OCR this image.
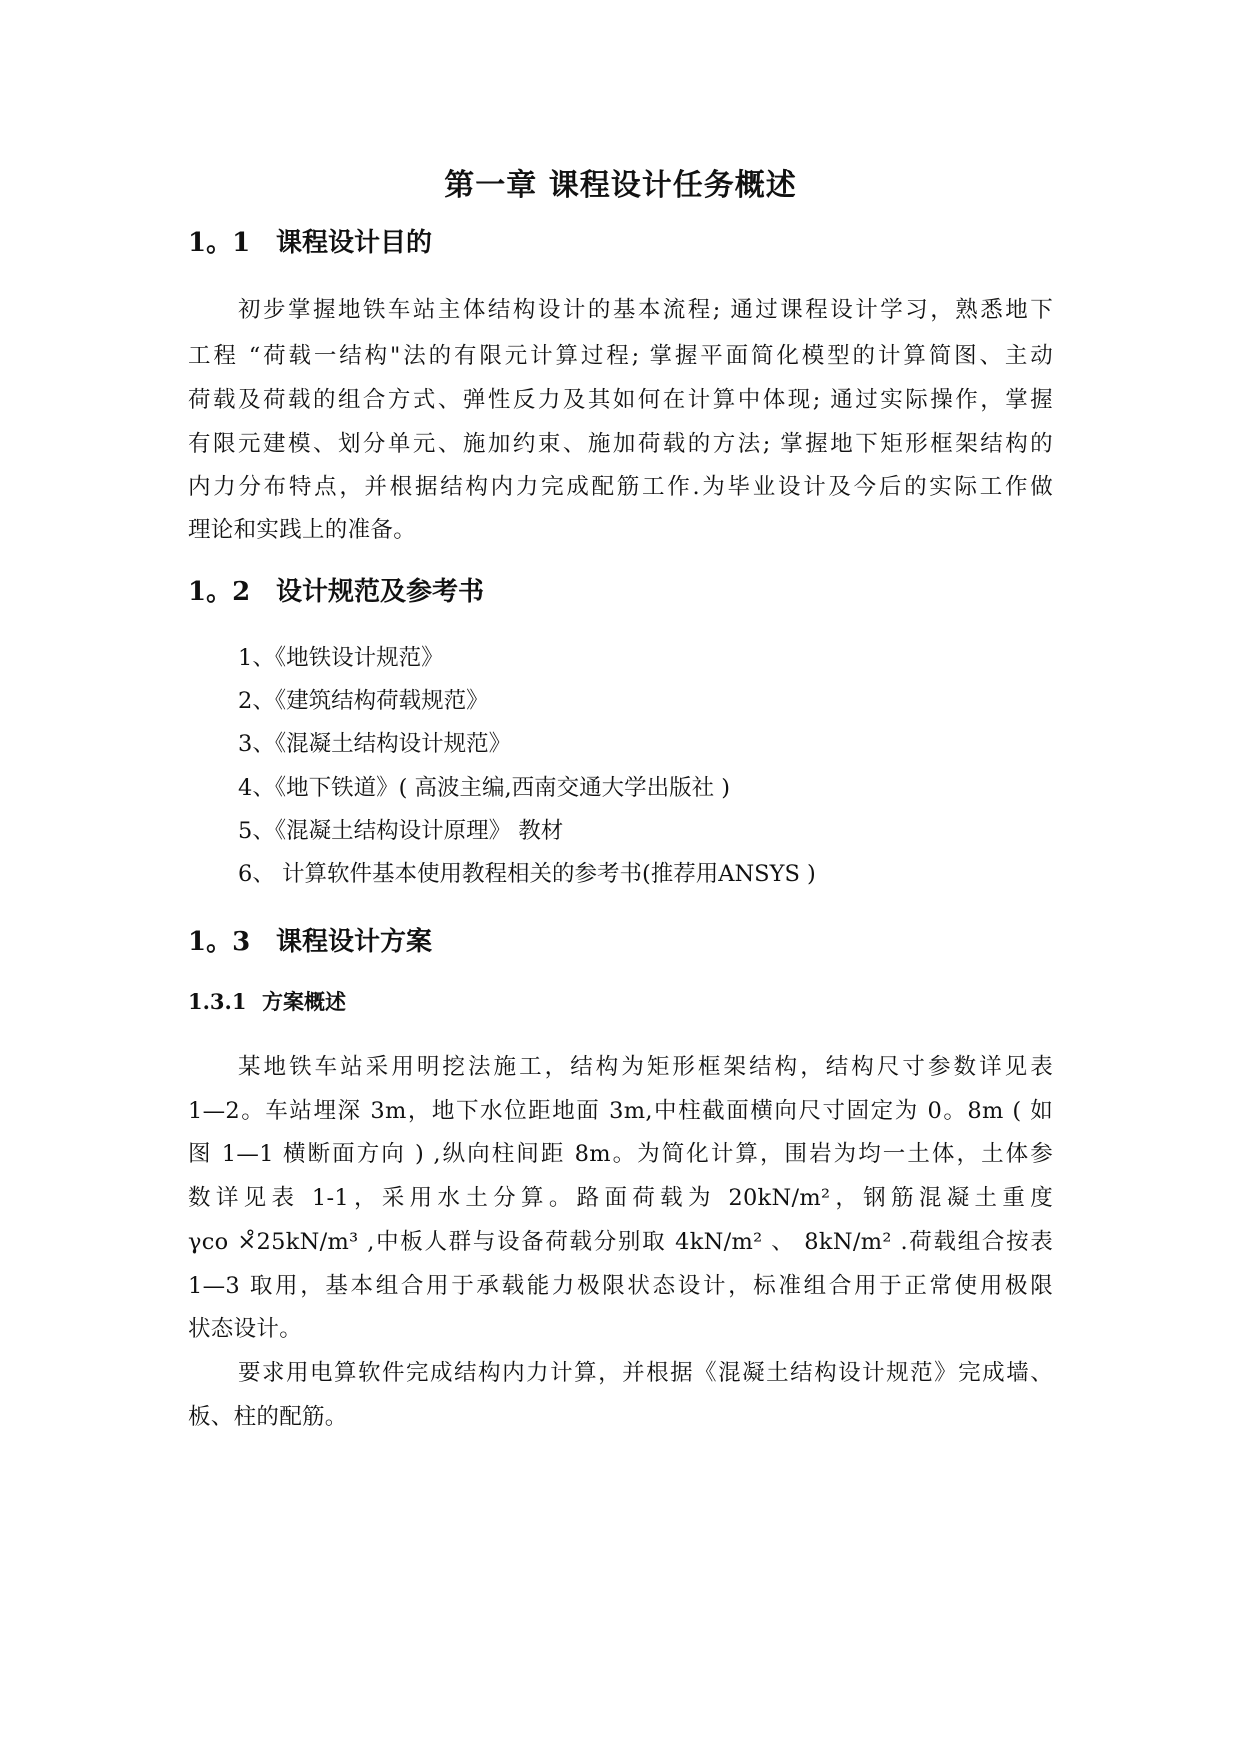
第一章 课程设计任务概述
1。1 课程设计目的
初步掌握地铁车站主体结构设计的基本流程; 通过课程设计学习，熟悉地下
工程 “荷载一结构"法的有限元计算过程; 掌握平面简化模型的计算简图、主动
荷载及荷载的组合方式、弹性反力及其如何在计算中体现; 通过实际操作，掌握
有限元建模、划分单元、施加约束、施加荷载的方法; 掌握地下矩形框架结构的
内力分布特点，并根据结构内力完成配筋工作.为毕业设计及今后的实际工作做
理论和实践上的准备。
1。2 设计规范及参考书
1、《地铁设计规范》
2、《建筑结构荷载规范》
3、《混凝土结构设计规范》
4、《地下铁道》( 高波主编,西南交通大学出版社 )
5、《混凝土结构设计原理》 教材
6、 计算软件基本使用教程相关的参考书(推荐用ANSYS )
1。3 课程设计方案
1.3.1 方案概述
某地铁车站采用明挖法施工，结构为矩形框架结构，结构尺寸参数详见表
1—2。车站埋深 3m，地下水位距地面 3m,中柱截面横向尺寸固定为 0。8m ( 如
图 1—1 横断面方向 ) ,纵向柱间距 8m。为简化计算，围岩为均一土体，土体参
数详见表 1-1，采用水土分算。路面荷载为 20kN/m²，钢筋混凝土重度
γco ×̊25kN/m³ ,中板人群与设备荷载分别取 4kN/m² 、 8kN/m² .荷载组合按表
1—3 取用，基本组合用于承载能力极限状态设计，标准组合用于正常使用极限
状态设计。
要求用电算软件完成结构内力计算，并根据《混凝土结构设计规范》完成墙、
板、柱的配筋。
